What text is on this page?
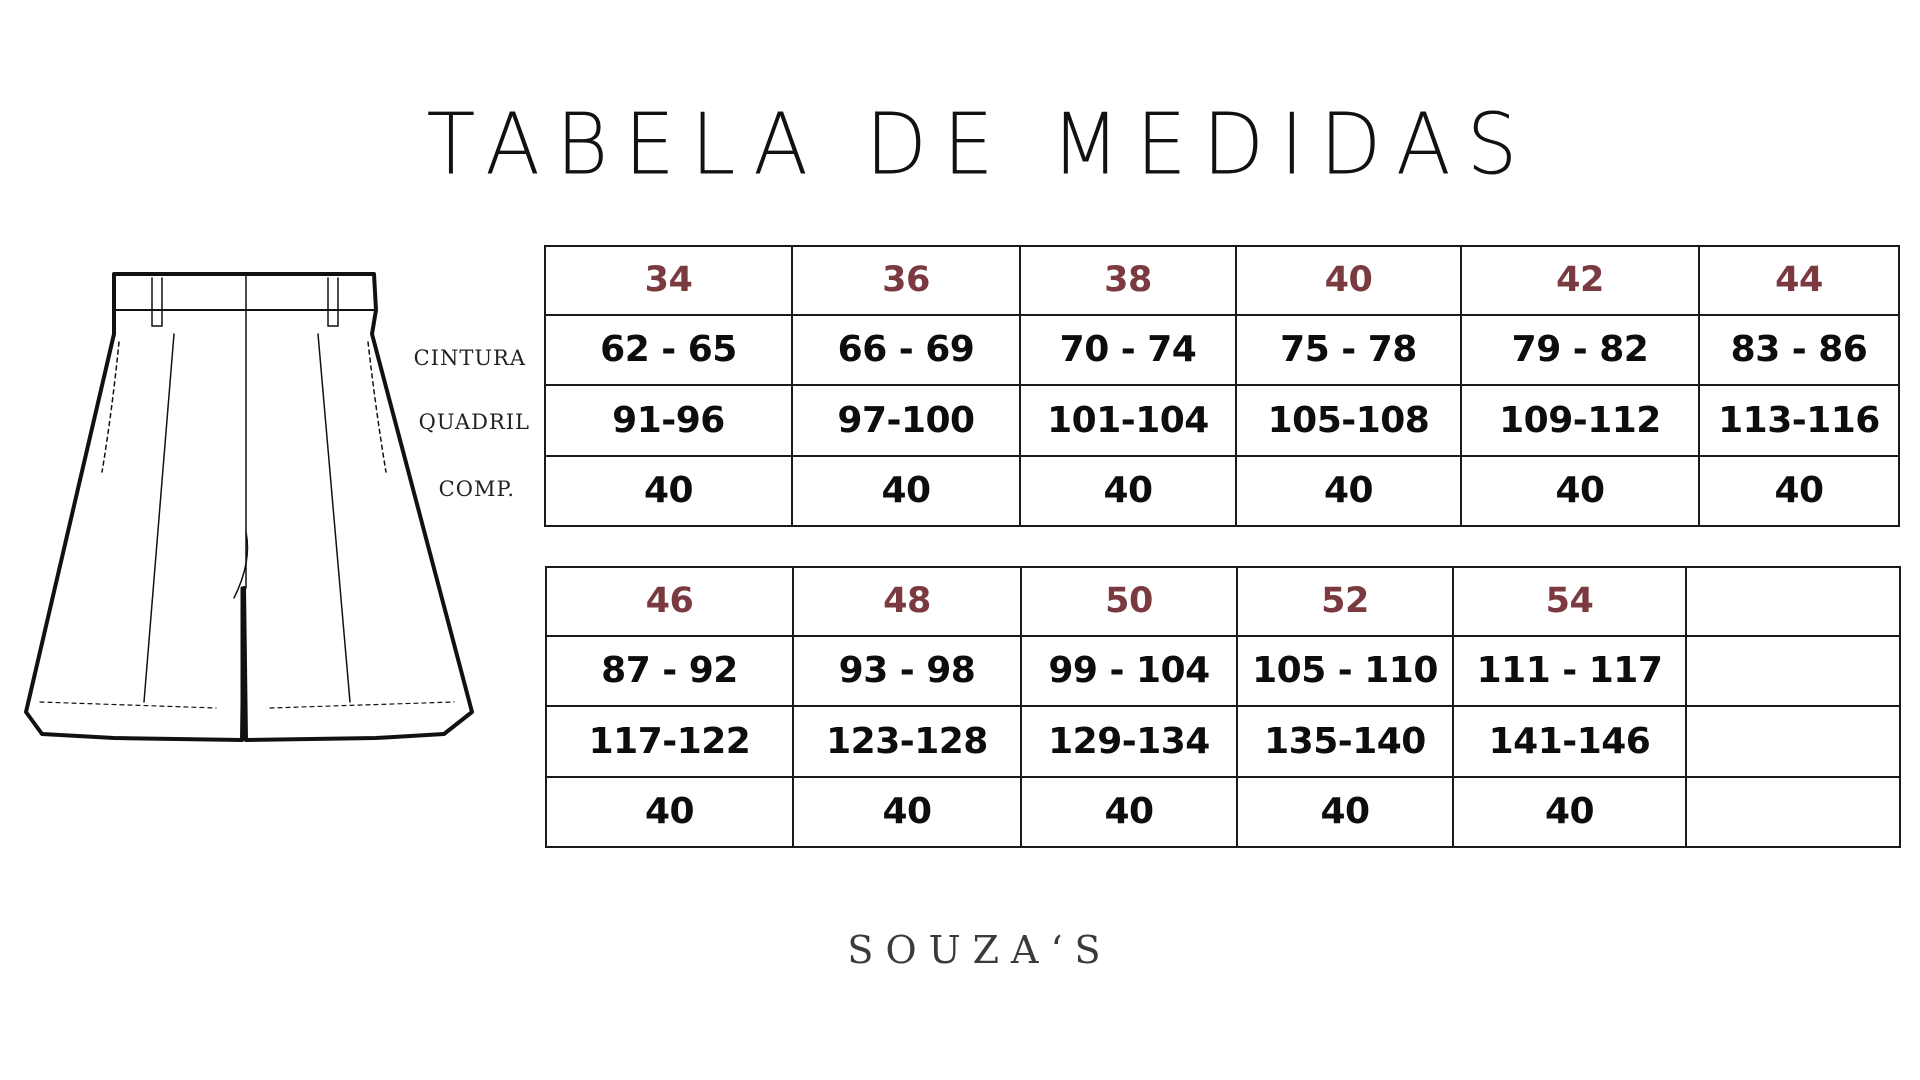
TABELA DE MEDIDAS
CINTURA
QUADRIL
COMP.
34	36	38	40	42	44
62 - 65	66 - 69	70 - 74	75 - 78	79 - 82	83 - 86
91-96	97-100	101-104	105-108	109-112	113-116
40	40	40	40	40	40
46	48	50	52	54	
87 - 92	93 - 98	99 - 104	105 - 110	111 - 117	
117-122	123-128	129-134	135-140	141-146	
40	40	40	40	40	
SOUZA‘S
